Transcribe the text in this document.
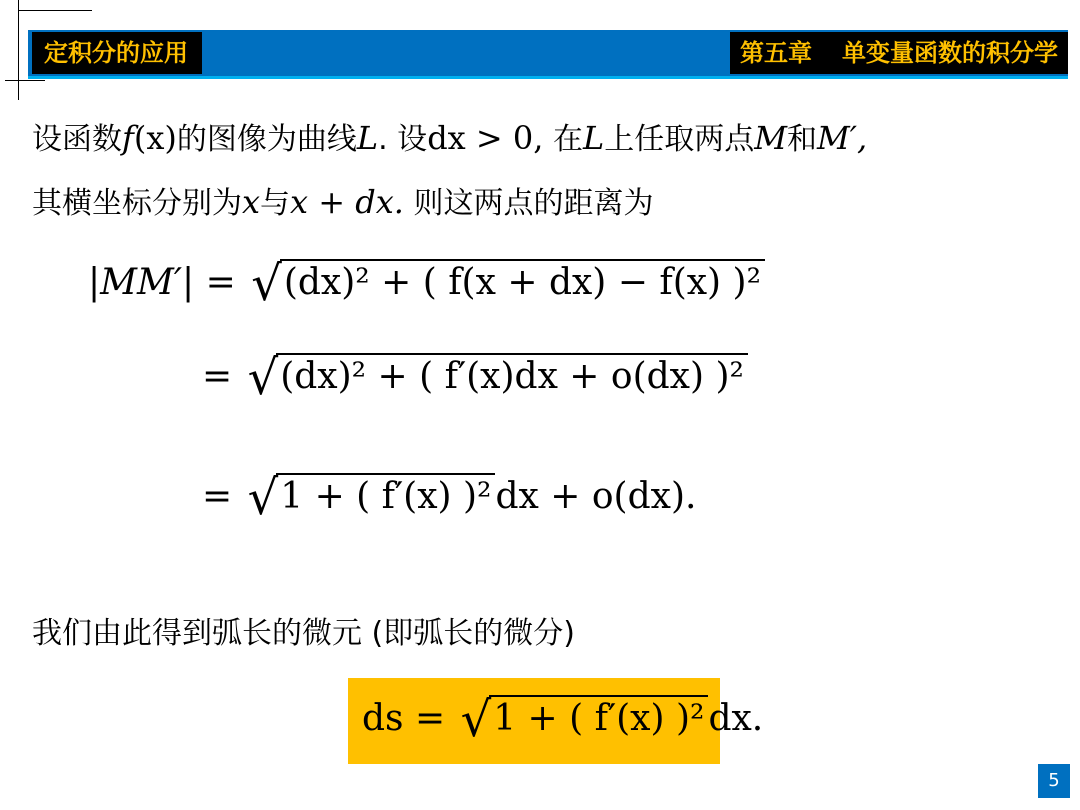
定积分的应用	第五章 单变量函数的积分学
设函数f(x)的图像为曲线L. 设dx > 0, 在L上任取两点M和M′,
其横坐标分别为x与x + dx. 则这两点的距离为
|MM′| = √(dx)² + ( f(x + dx) − f(x) )²
= √(dx)² + ( f′(x)dx + o(dx) )²
= √1 + ( f′(x) )² dx + o(dx).
我们由此得到弧长的微元 (即弧长的微分)
ds = √1 + ( f′(x) )² dx.
5
